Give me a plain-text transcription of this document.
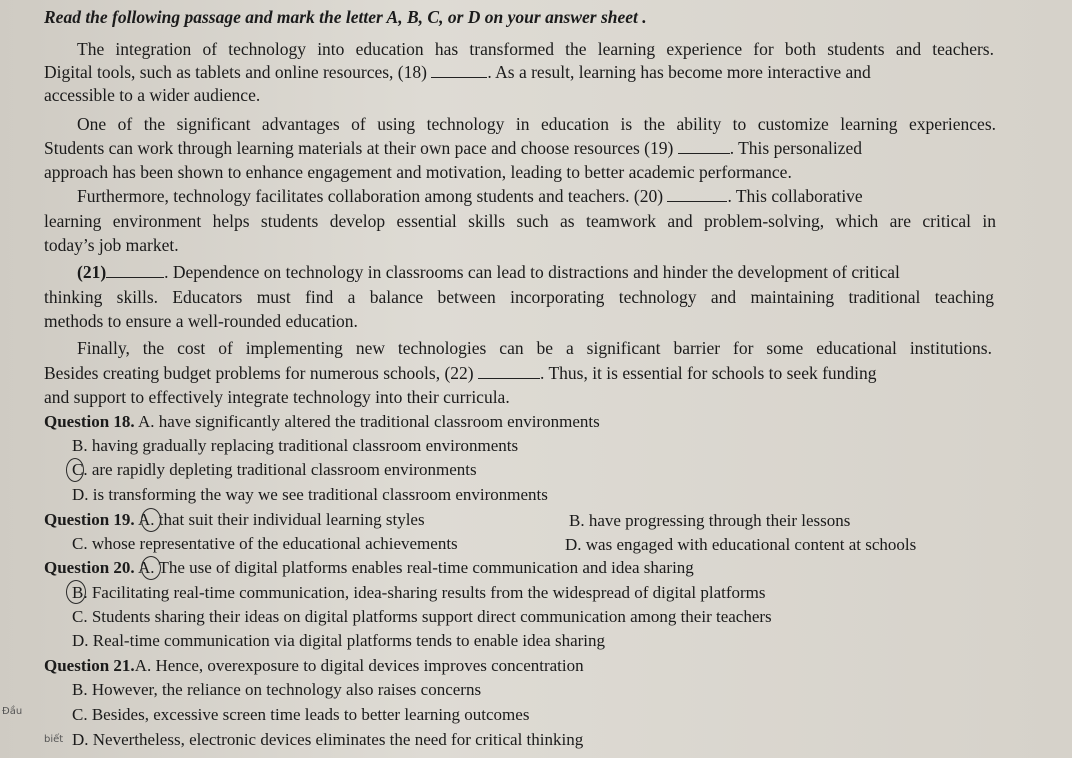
Read the following passage and mark the letter A, B, C, or D on your answer sheet .
The integration of technology into education has transformed the learning experience for both students and teachers.
Digital tools, such as tablets and online resources, (18)	. As a result, learning has become more interactive and
accessible to a wider audience.
One of the significant advantages of using technology in education is the ability to customize learning experiences.
Students can work through learning materials at their own pace and choose resources (19)	. This personalized
approach has been shown to enhance engagement and motivation, leading to better academic performance.
Furthermore, technology facilitates collaboration among students and teachers. (20)	. This collaborative
learning environment helps students develop essential skills such as teamwork and problem-solving, which are critical in
today’s job market.
(21)	. Dependence on technology in classrooms can lead to distractions and hinder the development of critical
thinking skills. Educators must find a balance between incorporating technology and maintaining traditional teaching
methods to ensure a well-rounded education.
Finally, the cost of implementing new technologies can be a significant barrier for some educational institutions.
Besides creating budget problems for numerous schools, (22)	. Thus, it is essential for schools to seek funding
and support to effectively integrate technology into their curricula.
Question 18. A. have significantly altered the traditional classroom environments
B. having gradually replacing traditional classroom environments
C. are rapidly depleting traditional classroom environments
D. is transforming the way we see traditional classroom environments
Question 19. A. that suit their individual learning styles	B. have progressing through their lessons
C. whose representative of the educational achievements	D. was engaged with educational content at schools
Question 20. A. The use of digital platforms enables real-time communication and idea sharing
B. Facilitating real-time communication, idea-sharing results from the widespread of digital platforms
C. Students sharing their ideas on digital platforms support direct communication among their teachers
D. Real-time communication via digital platforms tends to enable idea sharing
Question 21.A. Hence, overexposure to digital devices improves concentration
B. However, the reliance on technology also raises concerns
C. Besides, excessive screen time leads to better learning outcomes
D. Nevertheless, electronic devices eliminates the need for critical thinking
Đầu
biết
